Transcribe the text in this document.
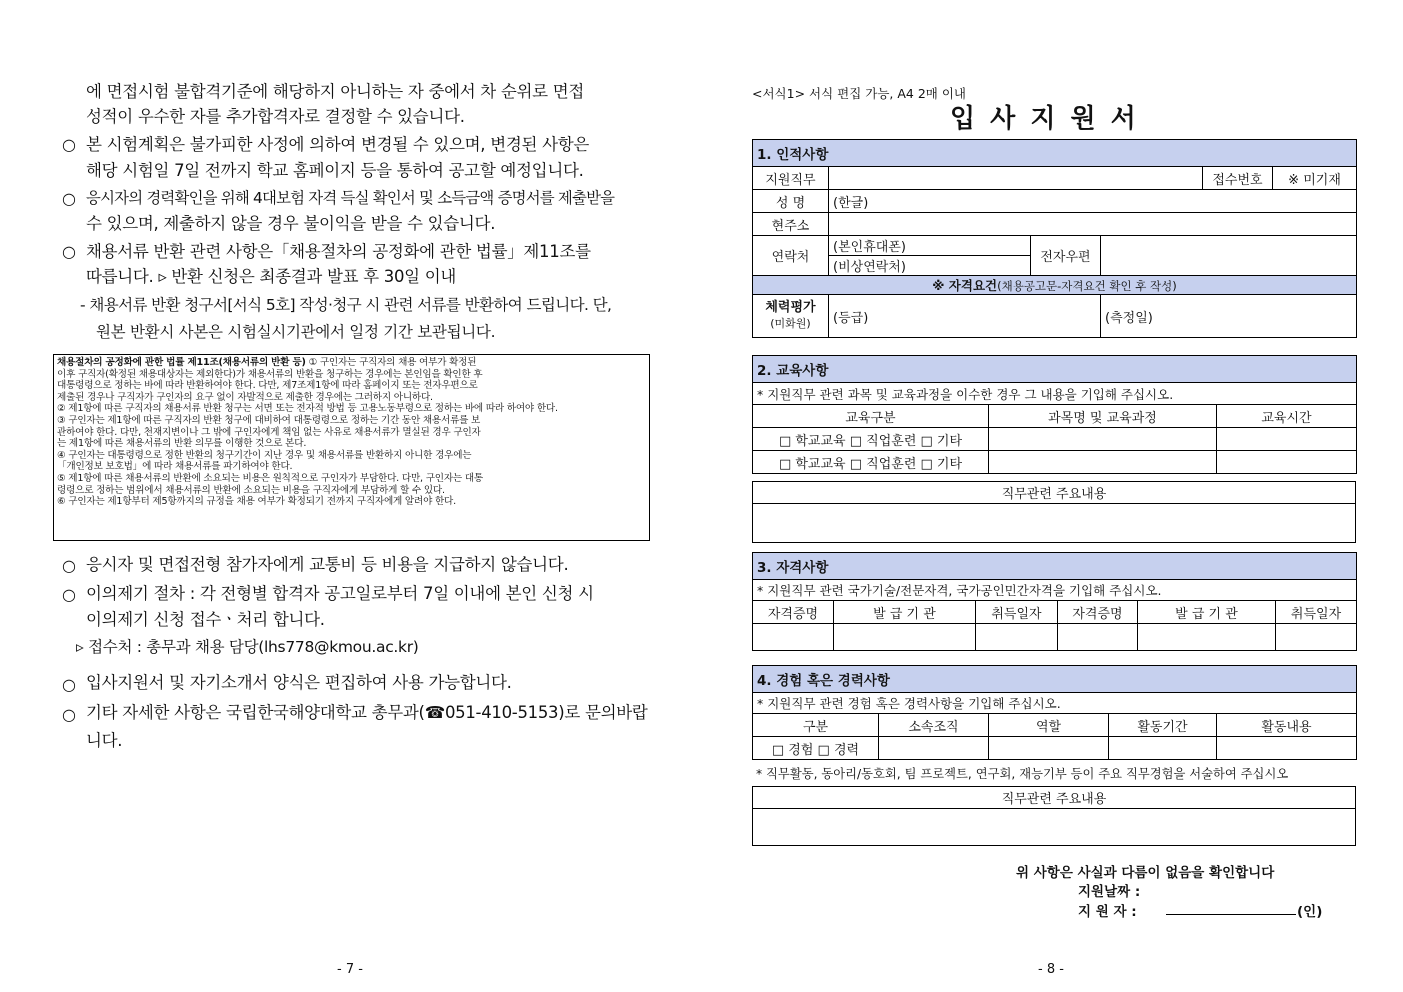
에 면접시험 불합격기준에 해당하지 아니하는 자 중에서 차 순위로 면접
성적이 우수한 자를 추가합격자로 결정할 수 있습니다.
○ 본 시험계획은 불가피한 사정에 의하여 변경될 수 있으며, 변경된 사항은
해당 시험일 7일 전까지 학교 홈페이지 등을 통하여 공고할 예정입니다.
○ 응시자의 경력확인을 위해 4대보험 자격 득실 확인서 및 소득금액 증명서를 제출받을
수 있으며, 제출하지 않을 경우 불이익을 받을 수 있습니다.
○ 채용서류 반환 관련 사항은「채용절차의 공정화에 관한 법률」제11조를
따릅니다. ▹ 반환 신청은 최종결과 발표 후 30일 이내
- 채용서류 반환 청구서[서식 5호] 작성·청구 시 관련 서류를 반환하여 드립니다. 단,
원본 반환시 사본은 시험실시기관에서 일정 기간 보관됩니다.
채용절차의 공정화에 관한 법률 제11조(채용서류의 반환 등) ① 구인자는 구직자의 채용 여부가 확정된
이후 구직자(확정된 채용대상자는 제외한다)가 채용서류의 반환을 청구하는 경우에는 본인임을 확인한 후
대통령령으로 정하는 바에 따라 반환하여야 한다. 다만, 제7조제1항에 따라 홈페이지 또는 전자우편으로
제출된 경우나 구직자가 구인자의 요구 없이 자발적으로 제출한 경우에는 그러하지 아니하다.
② 제1항에 따른 구직자의 채용서류 반환 청구는 서면 또는 전자적 방법 등 고용노동부령으로 정하는 바에 따라 하여야 한다.
③ 구인자는 제1항에 따른 구직자의 반환 청구에 대비하여 대통령령으로 정하는 기간 동안 채용서류를 보
관하여야 한다. 다만, 천재지변이나 그 밖에 구인자에게 책임 없는 사유로 채용서류가 멸실된 경우 구인자
는 제1항에 따른 채용서류의 반환 의무를 이행한 것으로 본다.
④ 구인자는 대통령령으로 정한 반환의 청구기간이 지난 경우 및 채용서류를 반환하지 아니한 경우에는
「개인정보 보호법」에 따라 채용서류를 파기하여야 한다.
⑤ 제1항에 따른 채용서류의 반환에 소요되는 비용은 원칙적으로 구인자가 부담한다. 다만, 구인자는 대통
령령으로 정하는 범위에서 채용서류의 반환에 소요되는 비용을 구직자에게 부담하게 할 수 있다.
⑥ 구인자는 제1항부터 제5항까지의 규정을 채용 여부가 확정되기 전까지 구직자에게 알려야 한다.
○ 응시자 및 면접전형 참가자에게 교통비 등 비용을 지급하지 않습니다.
○ 이의제기 절차 : 각 전형별 합격자 공고일로부터 7일 이내에 본인 신청 시
이의제기 신청 접수ㆍ처리 합니다.
▹ 접수처 : 총무과 채용 담당(lhs778@kmou.ac.kr)
○ 입사지원서 및 자기소개서 양식은 편집하여 사용 가능합니다.
○ 기타 자세한 사항은 국립한국해양대학교 총무과(☎051-410-5153)로 문의바랍
니다.
- 7 -
<서식1> 서식 편집 가능, A4 2매 이내
입 사 지 원 서
1. 인적사항					
지원직무				접수번호	※ 미기재
성 명	(한글)				
현주소					
연락처	(본인휴대폰)	전자우편			
	(비상연락처)				
※ 자격요건(채용공고문-자격요건 확인 후 작성)					
체력평가
(미화원)	(등급)		(측정일)		
2. 교육사항		
* 지원직무 관련 과목 및 교육과정을 이수한 경우 그 내용을 기입해 주십시오.		
교육구분	과목명 및 교육과정	교육시간
□ 학교교육 □ 직업훈련 □ 기타		
□ 학교교육 □ 직업훈련 □ 기타		
직무관련 주요내용

3. 자격사항					
* 지원직무 관련 국가기술/전문자격, 국가공인민간자격을 기입해 주십시오.					
자격증명	발 급 기 관	취득일자	자격증명	발 급 기 관	취득일자

4. 경험 혹은 경력사항				
* 지원직무 관련 경험 혹은 경력사항을 기입해 주십시오.				
구분	소속조직	역할	활동기간	활동내용
□ 경험 □ 경력				
* 직무활동, 동아리/동호회, 팀 프로젝트, 연구회, 재능기부 등이 주요 직무경험을 서술하여 주십시오
직무관련 주요내용

위 사항은 사실과 다름이 없음을 확인합니다
지원날짜 :
지 원 자 :	(인)
- 8 -
